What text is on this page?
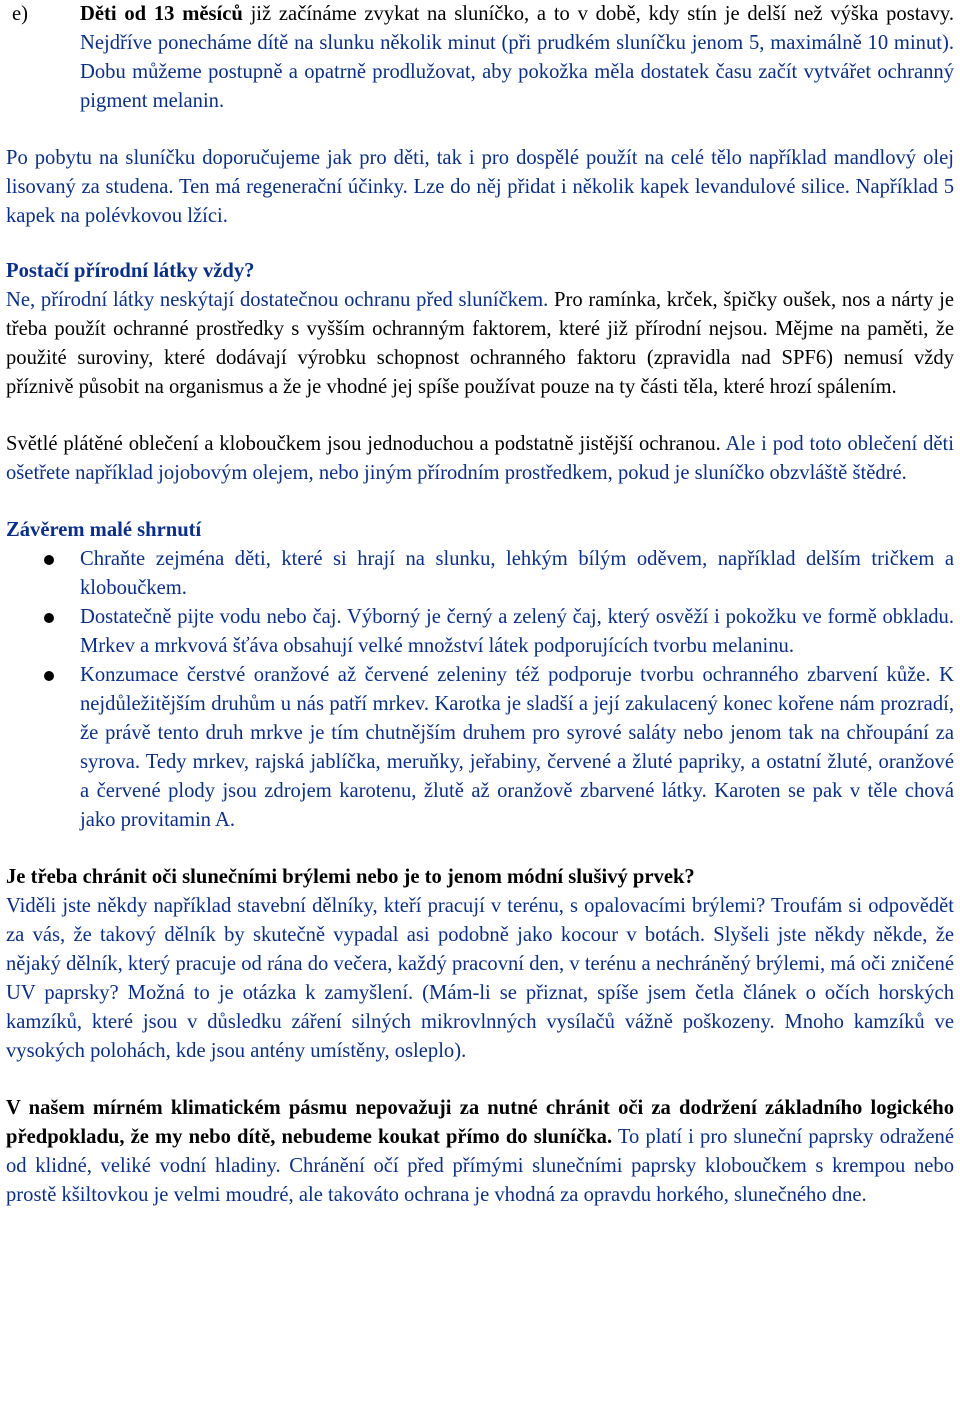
e)	Děti od 13 měsíců již začínáme zvykat na sluníčko, a to v době, kdy stín je delší než výška postavy. Nejdříve ponecháme dítě na slunku několik minut (při prudkém sluníčku jenom 5, maximálně 10 minut). Dobu můžeme postupně a opatrně prodlužovat, aby pokožka měla dostatek času začít vytvářet ochranný pigment melanin.

Po pobytu na sluníčku doporučujeme jak pro děti, tak i pro dospělé použít na celé tělo například mandlový olej lisovaný za studena. Ten má regenerační účinky. Lze do něj přidat i několik kapek levandulové silice. Například 5 kapek na polévkovou lžíci.

Postačí přírodní látky vždy?

Ne, přírodní látky neskýtají dostatečnou ochranu před sluníčkem. Pro ramínka, krček, špičky oušek, nos a nárty je třeba použít ochranné prostředky s vyšším ochranným faktorem, které již přírodní nejsou. Mějme na paměti, že použité suroviny, které dodávají výrobku schopnost ochranného faktoru (zpravidla nad SPF6) nemusí vždy příznivě působit na organismus a že je vhodné jej spíše používat pouze na ty části těla, které hrozí spálením.

Světlé plátěné oblečení a kloboučkem jsou jednoduchou a podstatně jistější ochranou. Ale i pod toto oblečení děti ošetřete například jojobovým olejem, nebo jiným přírodním prostředkem, pokud je sluníčko obzvláště štědré.

Závěrem malé shrnutí

Chraňte zejména děti, které si hrají na slunku, lehkým bílým oděvem, například delším tričkem a kloboučkem.
Dostatečně pijte vodu nebo čaj. Výborný je černý a zelený čaj, který osvěží i pokožku ve formě obkladu. Mrkev a mrkvová šťáva obsahují velké množství látek podporujících tvorbu melaninu.
Konzumace čerstvé oranžové až červené zeleniny též podporuje tvorbu ochranného zbarvení kůže. K nejdůležitějším druhům u nás patří mrkev. Karotka je sladší a její zakulacený konec kořene nám prozradí, že právě tento druh mrkve je tím chutnějším druhem pro syrové saláty nebo jenom tak na chřoupání za syrova. Tedy mrkev, rajská jablíčka, meruňky, jeřabiny, červené a žluté papriky, a ostatní žluté, oranžové a červené plody jsou zdrojem karotenu, žlutě až oranžově zbarvené látky. Karoten se pak v těle chová jako provitamin A.

Je třeba chránit oči slunečními brýlemi nebo je to jenom módní slušivý prvek?

Viděli jste někdy například stavební dělníky, kteří pracují v terénu, s opalovacími brýlemi? Troufám si odpovědět za vás, že takový dělník by skutečně vypadal asi podobně jako kocour v botách. Slyšeli jste někdy někde, že nějaký dělník, který pracuje od rána do večera, každý pracovní den, v terénu a nechráněný brýlemi, má oči zničené UV paprsky? Možná to je otázka k zamyšlení. (Mám-li se přiznat, spíše jsem četla článek o očích horských kamzíků, které jsou v důsledku záření silných mikrovlnných vysílačů vážně poškozeny. Mnoho kamzíků ve vysokých polohách, kde jsou antény umístěny, osleplo).

V našem mírném klimatickém pásmu nepovažuji za nutné chránit oči za dodržení základního logického předpokladu, že my nebo dítě, nebudeme koukat přímo do sluníčka. To platí i pro sluneční paprsky odražené od klidné, veliké vodní hladiny. Chránění očí před přímými slunečními paprsky kloboučkem s krempou nebo prostě kšiltovkou je velmi moudré, ale takováto ochrana je vhodná za opravdu horkého, slunečného dne.
